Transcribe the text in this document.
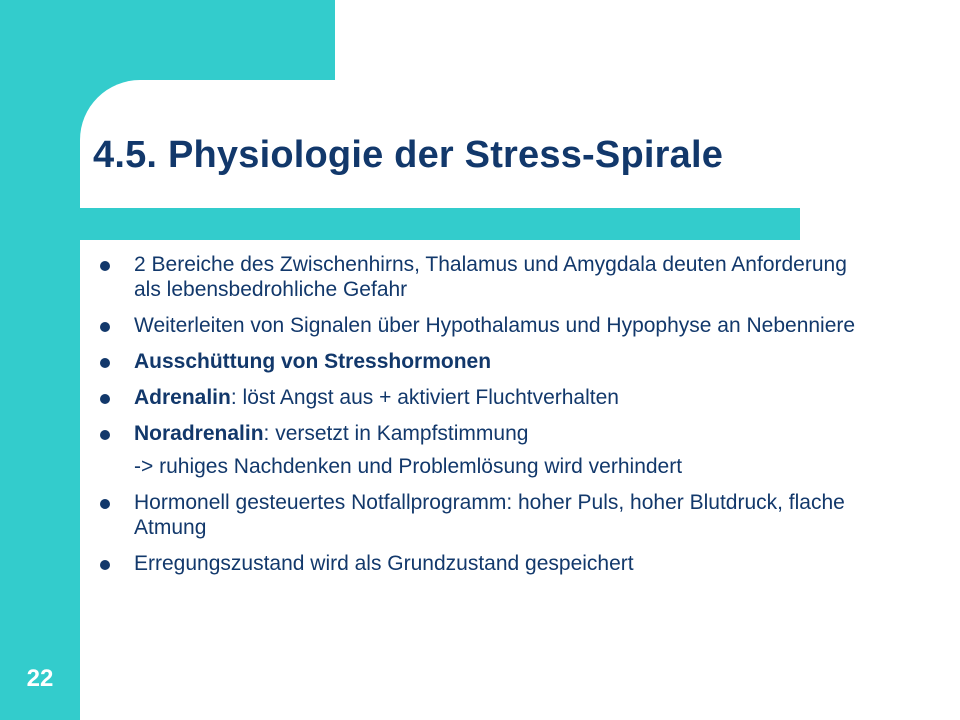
4.5. Physiologie der Stress-Spirale
2 Bereiche des Zwischenhirns, Thalamus und Amygdala deuten Anforderung als lebensbedrohliche Gefahr
Weiterleiten von Signalen über Hypothalamus und Hypophyse an Nebenniere
Ausschüttung von Stresshormonen
Adrenalin: löst Angst aus + aktiviert Fluchtverhalten
Noradrenalin: versetzt in Kampfstimmung
-> ruhiges Nachdenken und Problemlösung wird verhindert
Hormonell gesteuertes Notfallprogramm: hoher Puls, hoher Blutdruck, flache Atmung
Erregungszustand wird als Grundzustand gespeichert
22
